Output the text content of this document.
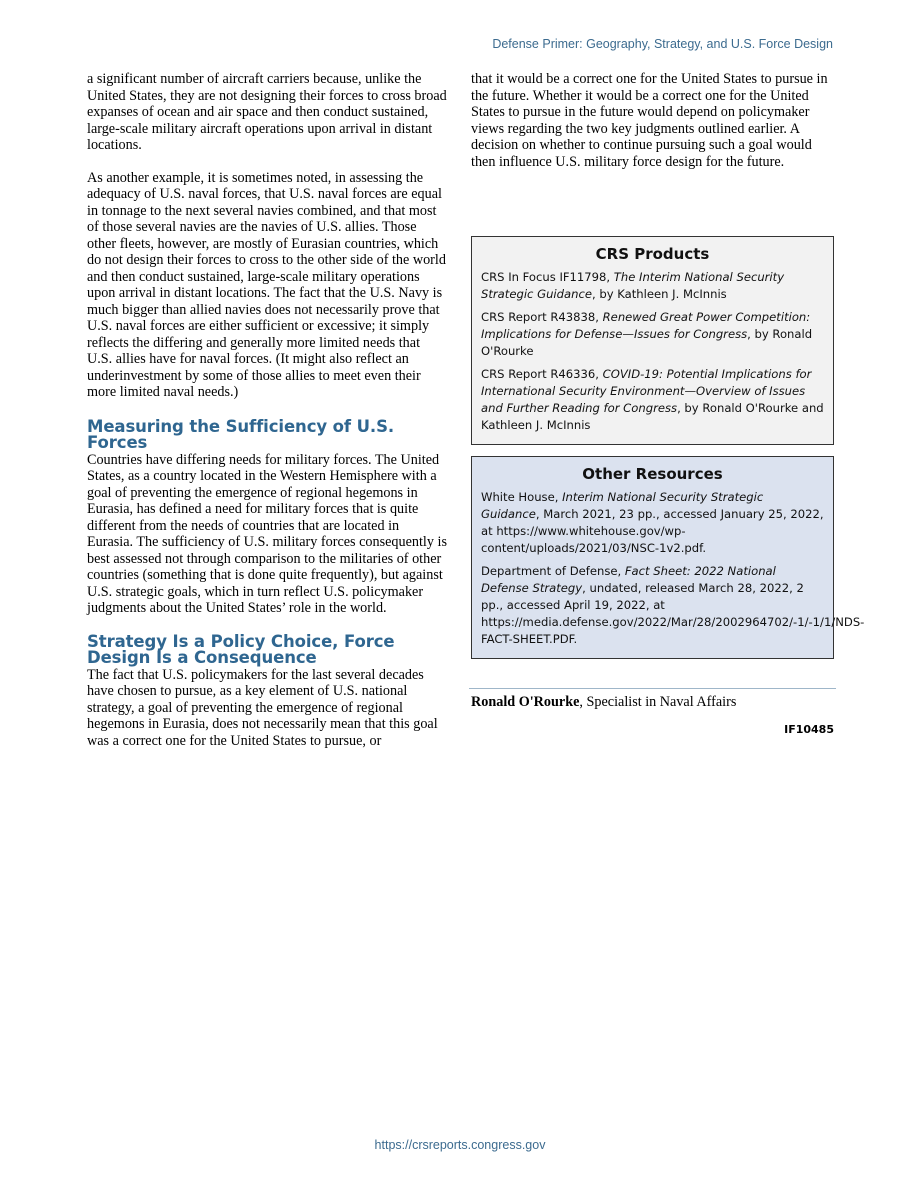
Defense Primer: Geography, Strategy, and U.S. Force Design

a significant number of aircraft carriers because, unlike the United States, they are not designing their forces to cross broad expanses of ocean and air space and then conduct sustained, large-scale military aircraft operations upon arrival in distant locations.

As another example, it is sometimes noted, in assessing the adequacy of U.S. naval forces, that U.S. naval forces are equal in tonnage to the next several navies combined, and that most of those several navies are the navies of U.S. allies. Those other fleets, however, are mostly of Eurasian countries, which do not design their forces to cross to the other side of the world and then conduct sustained, large-scale military operations upon arrival in distant locations. The fact that the U.S. Navy is much bigger than allied navies does not necessarily prove that U.S. naval forces are either sufficient or excessive; it simply reflects the differing and generally more limited needs that U.S. allies have for naval forces. (It might also reflect an underinvestment by some of those allies to meet even their more limited naval needs.)

Measuring the Sufficiency of U.S. Forces

Countries have differing needs for military forces. The United States, as a country located in the Western Hemisphere with a goal of preventing the emergence of regional hegemons in Eurasia, has defined a need for military forces that is quite different from the needs of countries that are located in Eurasia. The sufficiency of U.S. military forces consequently is best assessed not through comparison to the militaries of other countries (something that is done quite frequently), but against U.S. strategic goals, which in turn reflect U.S. policymaker judgments about the United States’ role in the world.

Strategy Is a Policy Choice, Force Design Is a Consequence

The fact that U.S. policymakers for the last several decades have chosen to pursue, as a key element of U.S. national strategy, a goal of preventing the emergence of regional hegemons in Eurasia, does not necessarily mean that this goal was a correct one for the United States to pursue, or

that it would be a correct one for the United States to pursue in the future. Whether it would be a correct one for the United States to pursue in the future would depend on policymaker views regarding the two key judgments outlined earlier. A decision on whether to continue pursuing such a goal would then influence U.S. military force design for the future.

CRS Products
CRS In Focus IF11798, The Interim National Security Strategic Guidance, by Kathleen J. McInnis
CRS Report R43838, Renewed Great Power Competition: Implications for Defense—Issues for Congress, by Ronald O'Rourke
CRS Report R46336, COVID-19: Potential Implications for International Security Environment—Overview of Issues and Further Reading for Congress, by Ronald O'Rourke and Kathleen J. McInnis
Other Resources
White House, Interim National Security Strategic Guidance, March 2021, 23 pp., accessed January 25, 2022, at https://www.whitehouse.gov/wp-content/uploads/2021/03/NSC-1v2.pdf.
Department of Defense, Fact Sheet: 2022 National Defense Strategy, undated, released March 28, 2022, 2 pp., accessed April 19, 2022, at https://media.defense.gov/2022/Mar/28/2002964702/-1/-1/1/NDS-FACT-SHEET.PDF.
Ronald O'Rourke, Specialist in Naval Affairs
IF10485
https://crsreports.congress.gov
